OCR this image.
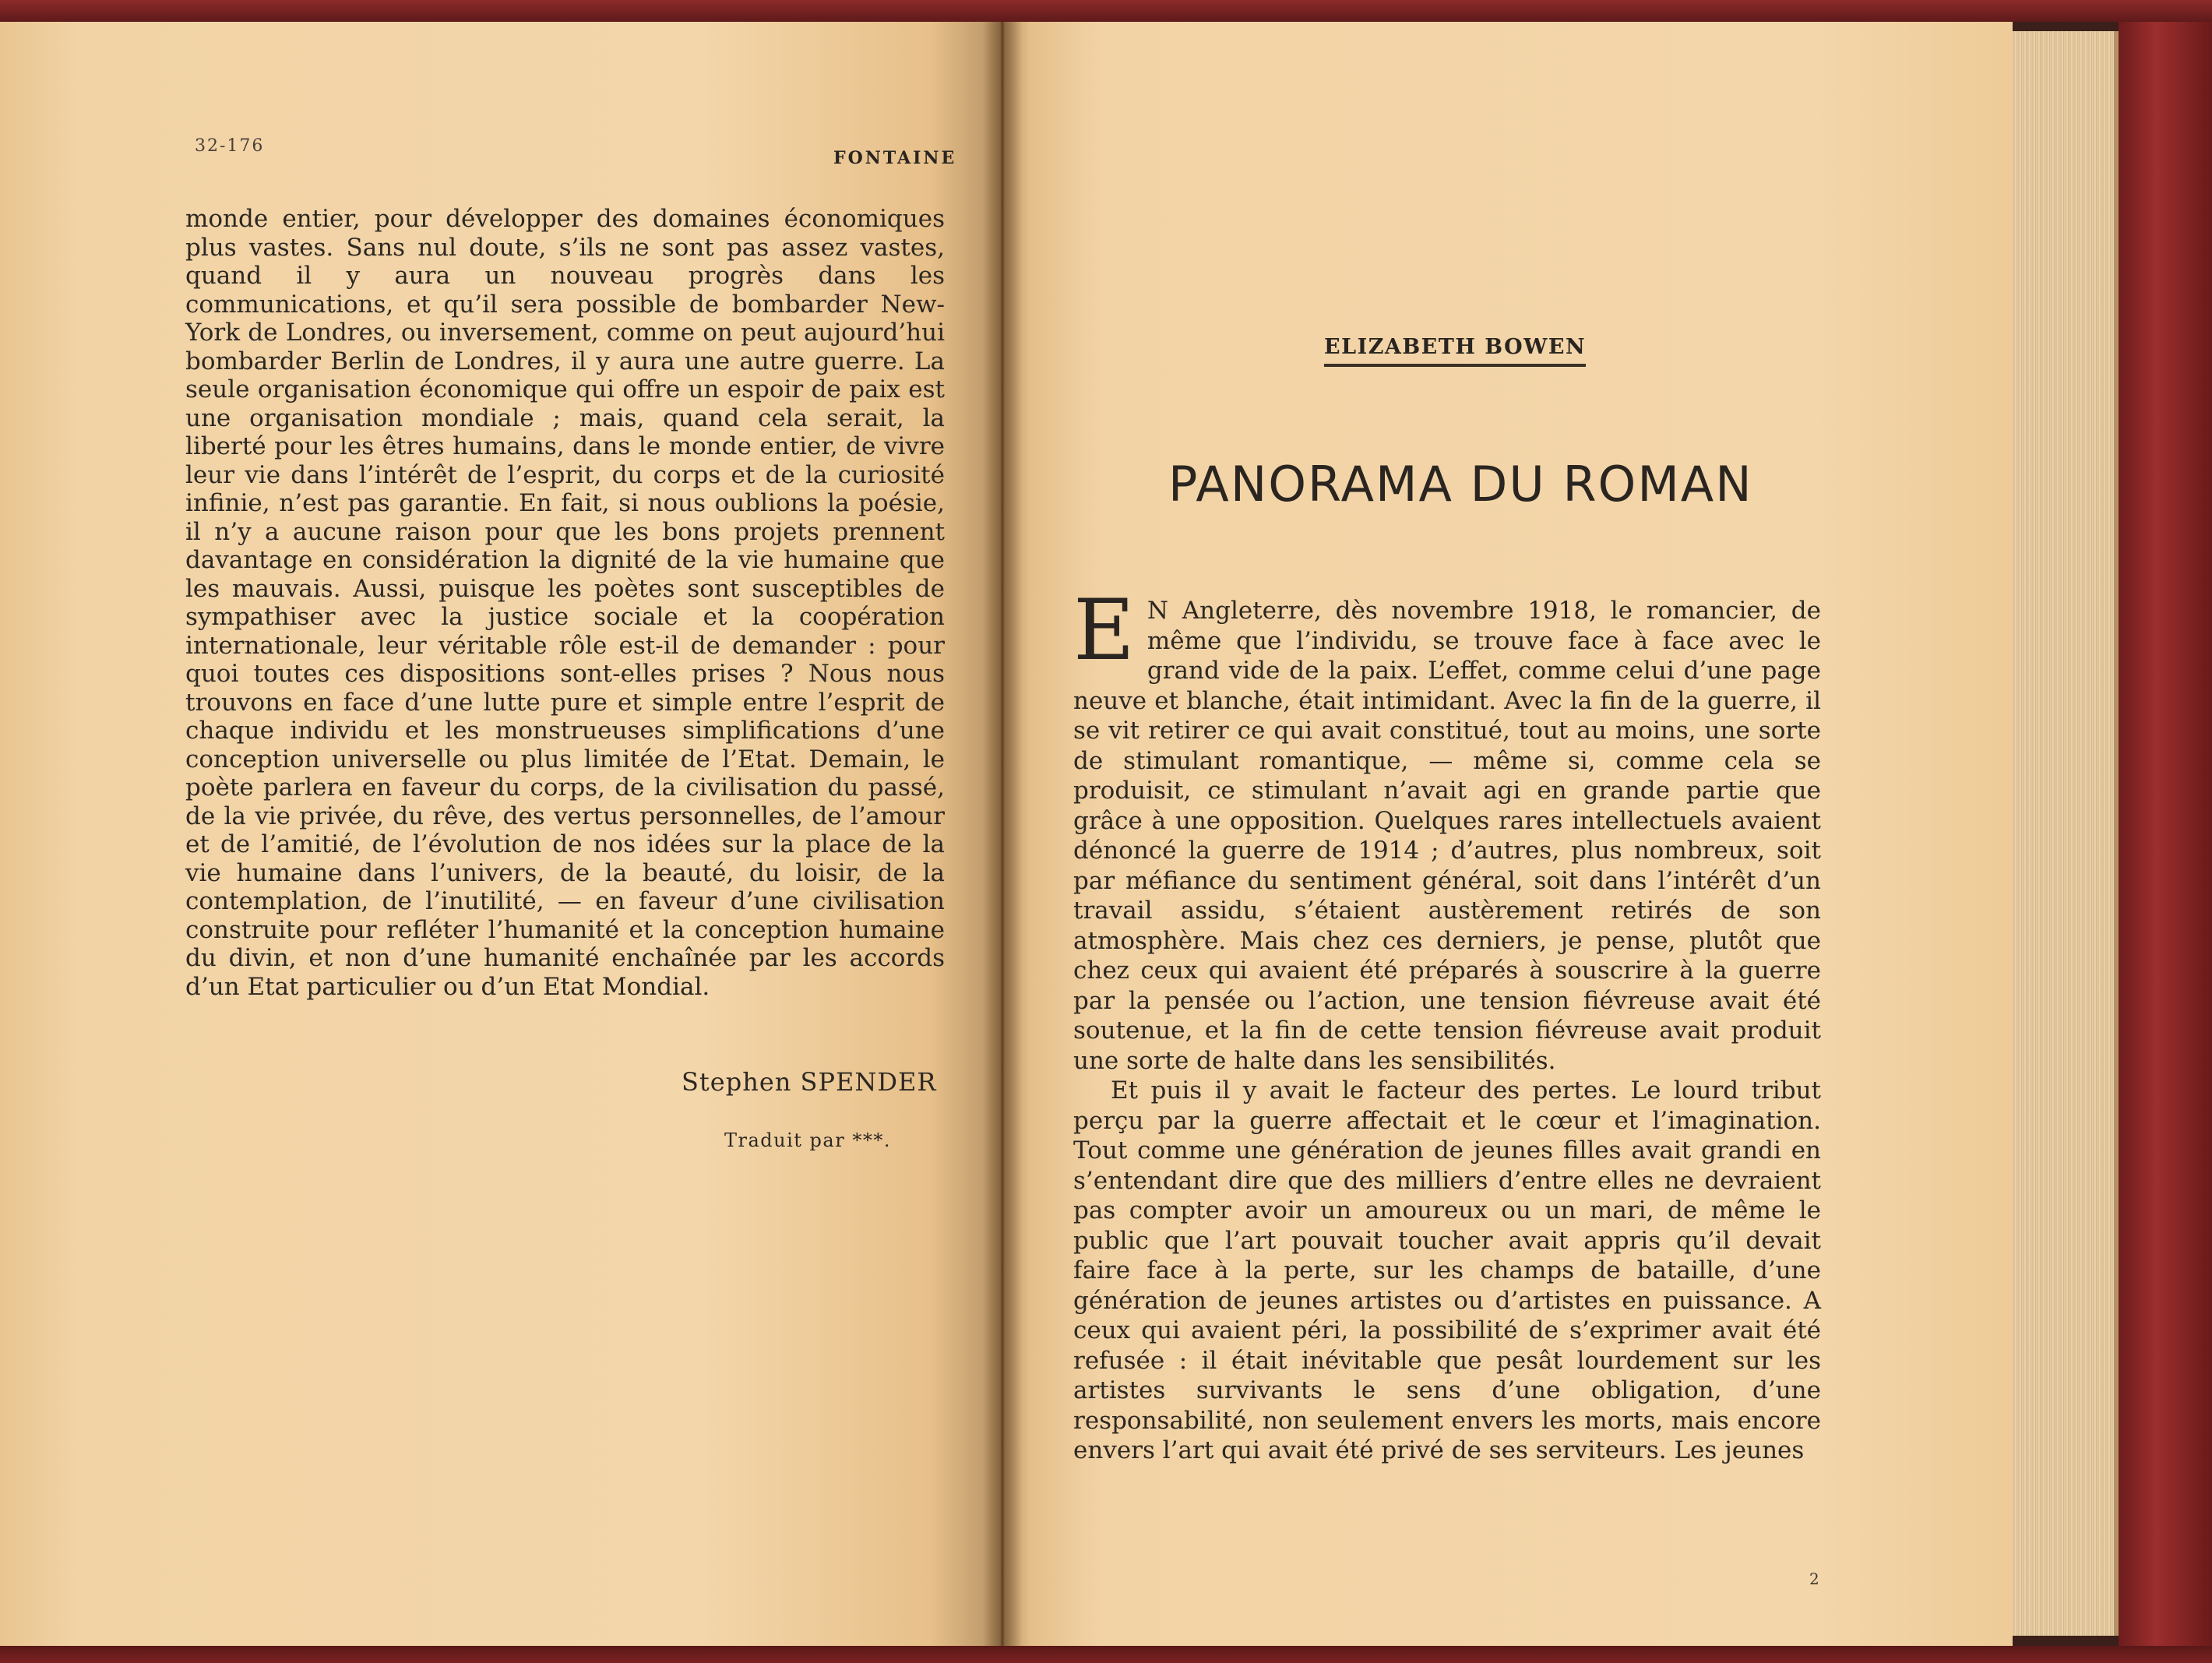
32-176
FONTAINE
monde entier, pour développer des domaines économiques plus vastes. Sans nul doute, s’ils ne sont pas assez vastes, quand il y aura un nouveau progrès dans les communications, et qu’il sera possible de bombarder New-York de Londres, ou inversement, comme on peut aujourd’hui bombarder Berlin de Londres, il y aura une autre guerre. La seule organisation économique qui offre un espoir de paix est une organisation mondiale ; mais, quand cela serait, la liberté pour les êtres humains, dans le monde entier, de vivre leur vie dans l’intérêt de l’esprit, du corps et de la curiosité infinie, n’est pas garantie. En fait, si nous oublions la poésie, il n’y a aucune raison pour que les bons projets prennent davantage en considération la dignité de la vie humaine que les mauvais. Aussi, puisque les poètes sont susceptibles de sympathiser avec la justice sociale et la coopération internationale, leur véritable rôle est-il de demander : pour quoi toutes ces dispositions sont-elles prises ? Nous nous trouvons en face d’une lutte pure et simple entre l’esprit de chaque individu et les monstrueuses simplifications d’une conception universelle ou plus limitée de l’Etat. Demain, le poète parlera en faveur du corps, de la civilisation du passé, de la vie privée, du rêve, des vertus personnelles, de l’amour et de l’amitié, de l’évolution de nos idées sur la place de la vie humaine dans l’univers, de la beauté, du loisir, de la contemplation, de l’inutilité, — en faveur d’une civilisation construite pour refléter l’humanité et la conception humaine du divin, et non d’une humanité enchaînée par les accords d’un Etat particulier ou d’un Etat Mondial.
Stephen SPENDER
Traduit par ***.
ELIZABETH BOWEN
PANORAMA DU ROMAN

E N Angleterre, dès novembre 1918, le romancier, de même que l’individu, se trouve face à face avec le grand vide de la paix. L’effet, comme celui d’une page neuve et blanche, était intimidant. Avec la fin de la guerre, il se vit retirer ce qui avait constitué, tout au moins, une sorte de stimulant romantique, — même si, comme cela se produisit, ce stimulant n’avait agi en grande partie que grâce à une opposition. Quelques rares intellectuels avaient dénoncé la guerre de 1914 ; d’autres, plus nombreux, soit par méfiance du sentiment général, soit dans l’intérêt d’un travail assidu, s’étaient austèrement retirés de son atmosphère. Mais chez ces derniers, je pense, plutôt que chez ceux qui avaient été préparés à souscrire à la guerre par la pensée ou l’action, une tension fiévreuse avait été soutenue, et la fin de cette tension fiévreuse avait produit une sorte de halte dans les sensibilités.

Et puis il y avait le facteur des pertes. Le lourd tribut perçu par la guerre affectait et le cœur et l’imagination. Tout comme une génération de jeunes filles avait grandi en s’entendant dire que des milliers d’entre elles ne devraient pas compter avoir un amoureux ou un mari, de même le public que l’art pouvait toucher avait appris qu’il devait faire face à la perte, sur les champs de bataille, d’une génération de jeunes artistes ou d’artistes en puissance. A ceux qui avaient péri, la possibilité de s’exprimer avait été refusée : il était inévitable que pesât lourdement sur les artistes survivants le sens d’une obligation, d’une responsabilité, non seulement envers les morts, mais encore envers l’art qui avait été privé de ses serviteurs. Les jeunes

2
